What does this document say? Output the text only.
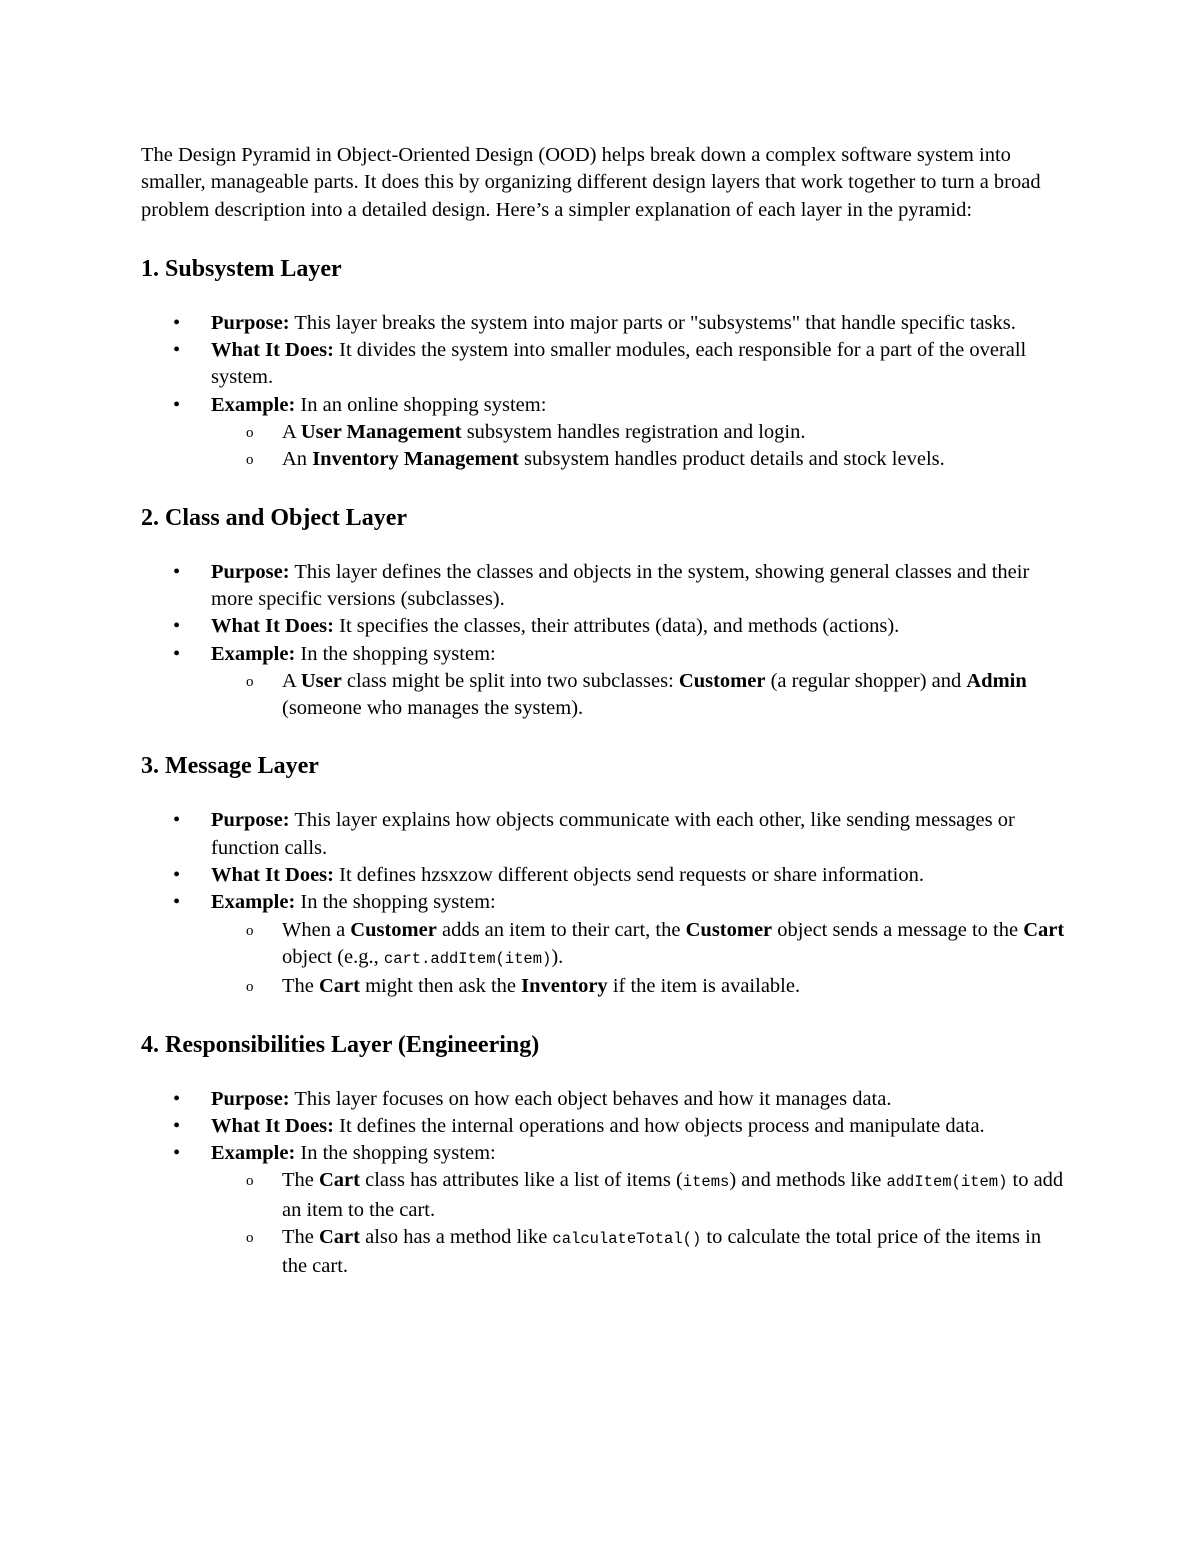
The Design Pyramid in Object-Oriented Design (OOD) helps break down a complex software system into smaller, manageable parts. It does this by organizing different design layers that work together to turn a broad problem description into a detailed design. Here’s a simpler explanation of each layer in the pyramid:

1. Subsystem Layer
•	Purpose: This layer breaks the system into major parts or "subsystems" that handle specific tasks.
•	What It Does: It divides the system into smaller modules, each responsible for a part of the overall system.
•	Example: In an online shopping system:
o A User Management subsystem handles registration and login.
o An Inventory Management subsystem handles product details and stock levels.
2. Class and Object Layer
•	Purpose: This layer defines the classes and objects in the system, showing general classes and their more specific versions (subclasses).
•	What It Does: It specifies the classes, their attributes (data), and methods (actions).
•	Example: In the shopping system:
o A User class might be split into two subclasses: Customer (a regular shopper) and Admin (someone who manages the system).
3. Message Layer
•	Purpose: This layer explains how objects communicate with each other, like sending messages or function calls.
•	What It Does: It defines hzsxzow different objects send requests or share information.
•	Example: In the shopping system:
o When a Customer adds an item to their cart, the Customer object sends a message to the Cart object (e.g., cart.addItem(item)).
o The Cart might then ask the Inventory if the item is available.
4. Responsibilities Layer (Engineering)
•	Purpose: This layer focuses on how each object behaves and how it manages data.
•	What It Does: It defines the internal operations and how objects process and manipulate data.
•	Example: In the shopping system:
o The Cart class has attributes like a list of items (items) and methods like addItem(item) to add an item to the cart.
o The Cart also has a method like calculateTotal() to calculate the total price of the items in the cart.
